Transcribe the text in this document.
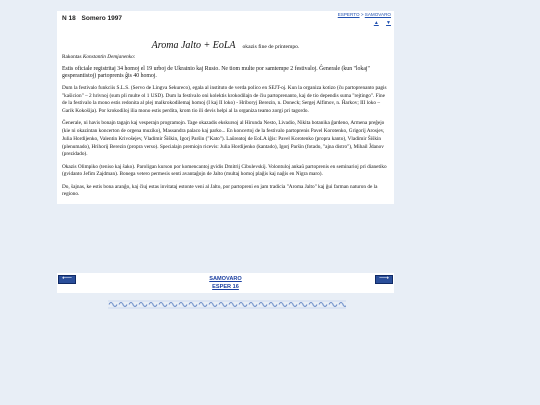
N 18 Somero 1997
ESPERTO > SAMOVARO
▲ ▼
Aroma Jalto + EoLA okazis fine de printempo.

Rakontas Konstantin Demjanenko:

Estis oficiale registritaj 34 homoj el 19 urboj de Ukrainio kaj Rusio. Ne tiom multe por samtempe 2 festivaloj. Ĝenerale (kun "lokaj" gesperantistoj) partoprenis ĝis 40 homoj.

Dum la festivalo funkciis S.L.S. (Servo de Lingva Sekureco), egala al instituto de verda polico en SEJT-oj. Kun la organiza kotizo (ĉu partoprenanto pagis "kaŝicion" – 2 hrivnoj (sum pli multe ol 1 USD). Dum la festivalo oni kolektis krokodilajn de ĉiu partoprenanto, kaj de tio dependis suma "rejtingo". Fine de la festivalo la mono estis redonita al plej malkrokodilemaj homoj (I kaj II loko) - Hriboryj Berezin, n. Doneck; Sergej Alfimov, n. Ĥarkov; III loko – Garik Kokoŝija). Por krokodiloj ilia mono estis perdita, krom tio ili devis helpi al la organiza teamo zorgi pri tagordo.

Ĝenerale, ni havis bonajn tagajn kaj vesperajn programojn. Tage okazadis ekskursoj al Hirunda Nesto, Livadio, Nikita botanika ĝardeno, Armena preĝejo (kie ni okazintan koncerton de orgena muziko), Massandra palaco kaj parko... En koncertoj de la festivalo partoprenis Pavel Korotenko, Grigorij Arosjev, Julia Hordijenko, Valentin Krivoŝejev, Vladimir Ŝiŝkin, Igorj Parŝin ("Kato"). Laŭreatoj de EoLA iĝis: Pavel Korotenko (propra kanto), Vladimir Ŝiŝkin (plenumado), Hrihorij Berezin (propra verso). Specialajn premiojn ricevis: Julia Hordijenko (kantado), Igorj Parŝin (fotado, "ajna distro"), Mihail Ĵdanov (prezidado).

Okazis Olimpiko (tenisо kaj ŝako). Paroligan kurson por komencantoj gvidis Dmitrij Cibulevskij. Volontuloj ankaŭ partoprenis en seminariој pri dianetiko (gvidanto Jefim Zajdman). Bonega vetero permesis senti avantaĝojn de Jalto (multaj homoj plaĝis kaj naĝis en Nigra maro).

Do, ŝajnas, ke estis bona aranĝo, kaj ĉiuj estas invitataj estonte veni al Jalto, por partopreni en jam tradicia "Aroma Jalto" kaj ĝui farman naturon de la regiono.

⟵	SAMOVARO
ESPER 16
⟶
